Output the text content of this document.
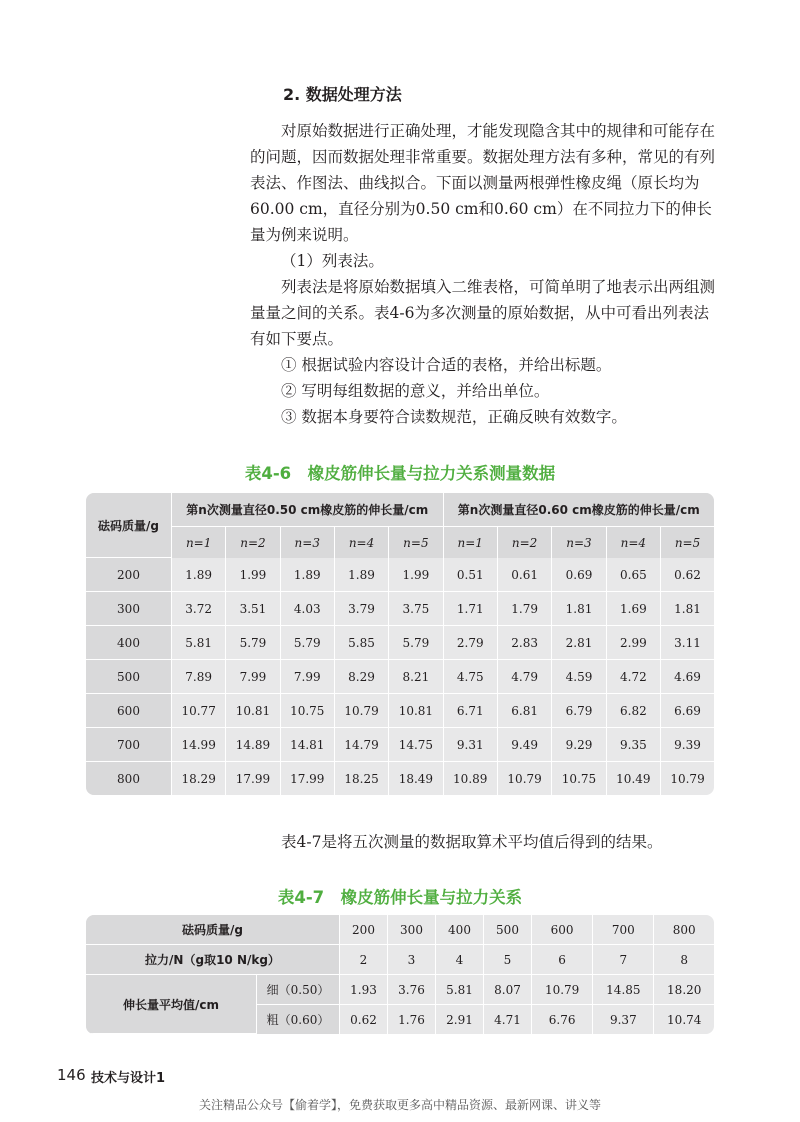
2. 数据处理方法

对原始数据进行正确处理，才能发现隐含其中的规律和可能存在的问题，因而数据处理非常重要。数据处理方法有多种，常见的有列表法、作图法、曲线拟合。下面以测量两根弹性橡皮绳（原长均为60.00 cm，直径分别为0.50 cm和0.60 cm）在不同拉力下的伸长量为例来说明。

（1）列表法。

列表法是将原始数据填入二维表格，可简单明了地表示出两组测量量之间的关系。表4-6为多次测量的原始数据，从中可看出列表法有如下要点。

① 根据试验内容设计合适的表格，并给出标题。

② 写明每组数据的意义，并给出单位。

③ 数据本身要符合读数规范，正确反映有效数字。

表4-6　橡皮筋伸长量与拉力关系测量数据

砝码质量/g	第n次测量直径0.50 cm橡皮筋的伸长量/cm					第n次测量直径0.60 cm橡皮筋的伸长量/cm				
	n=1	n=2	n=3	n=4	n=5	n=1	n=2	n=3	n=4	n=5
200	1.89	1.99	1.89	1.89	1.99	0.51	0.61	0.69	0.65	0.62
300	3.72	3.51	4.03	3.79	3.75	1.71	1.79	1.81	1.69	1.81
400	5.81	5.79	5.79	5.85	5.79	2.79	2.83	2.81	2.99	3.11
500	7.89	7.99	7.99	8.29	8.21	4.75	4.79	4.59	4.72	4.69
600	10.77	10.81	10.75	10.79	10.81	6.71	6.81	6.79	6.82	6.69
700	14.99	14.89	14.81	14.79	14.75	9.31	9.49	9.29	9.35	9.39
800	18.29	17.99	17.99	18.25	18.49	10.89	10.79	10.75	10.49	10.79

表4-7是将五次测量的数据取算术平均值后得到的结果。

表4-7　橡皮筋伸长量与拉力关系

砝码质量/g		200	300	400	500	600	700	800
拉力/N（g取10 N/kg）		2	3	4	5	6	7	8
伸长量平均值/cm	细（0.50）	1.93	3.76	5.81	8.07	10.79	14.85	18.20
	粗（0.60）	0.62	1.76	2.91	4.71	6.76	9.37	10.74
146 技术与设计1

关注精品公众号【偷着学】，免费获取更多高中精品资源、最新网课、讲义等
